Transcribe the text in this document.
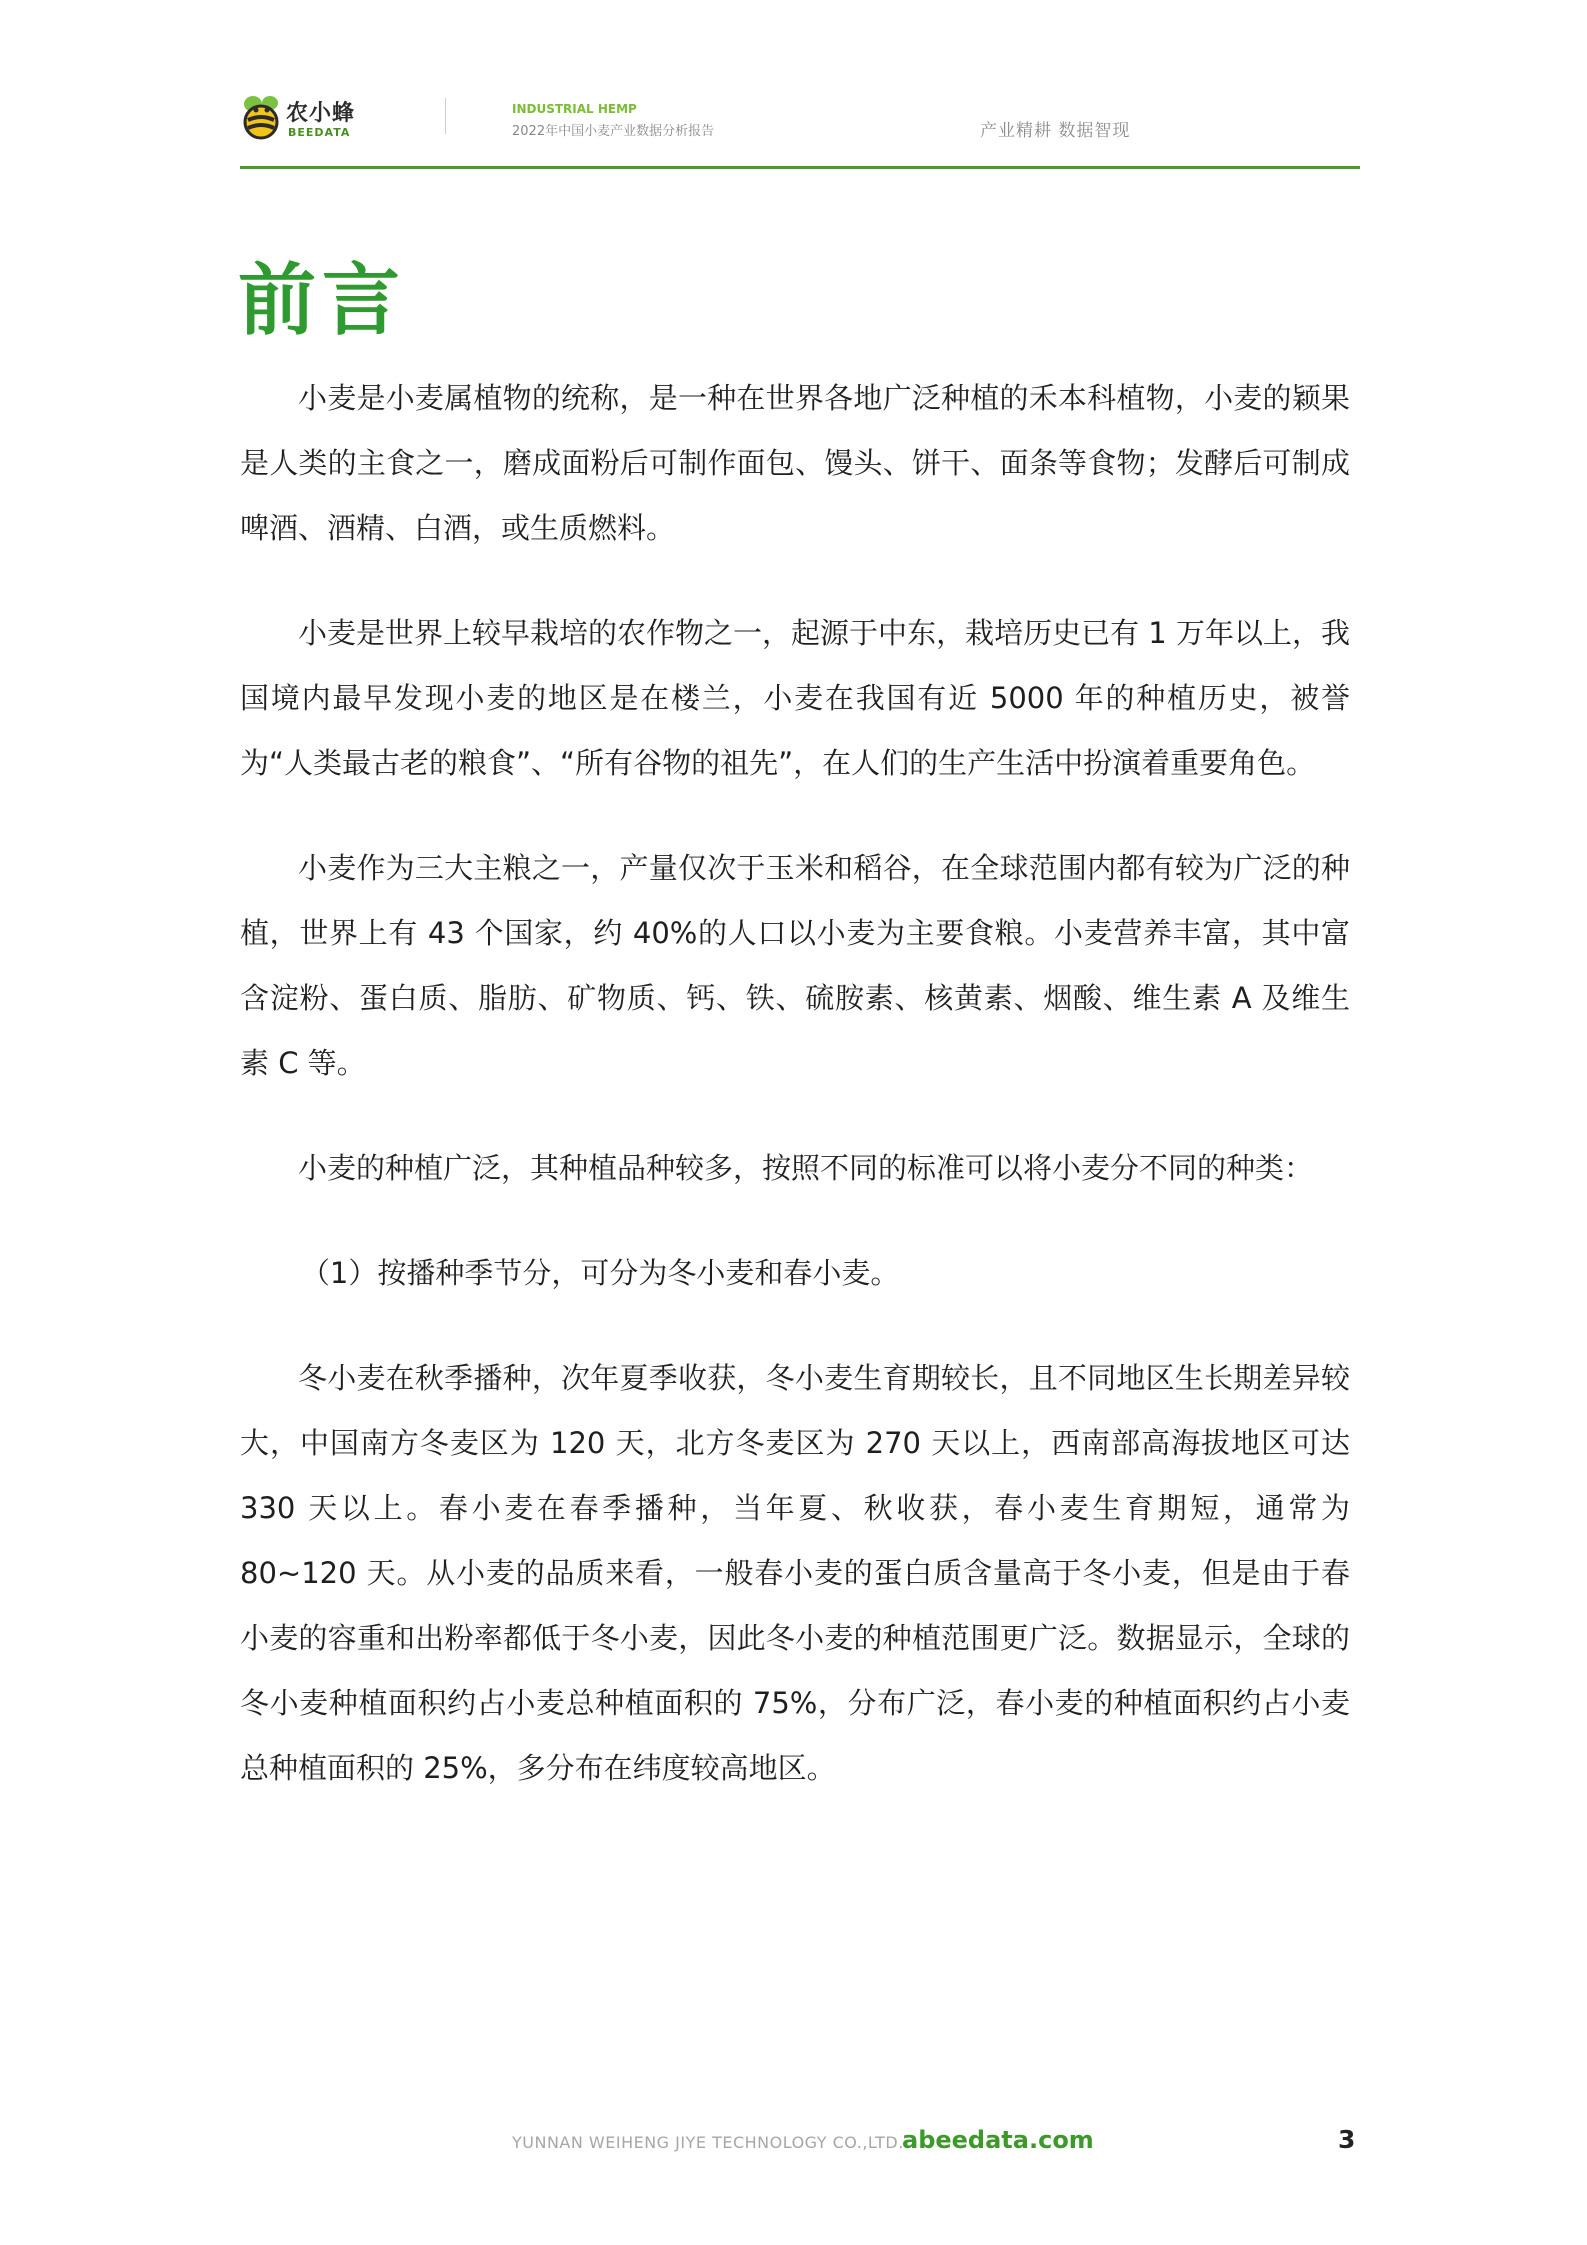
农小蜂
BEEDATA
INDUSTRIAL HEMP
2022年中国小麦产业数据分析报告	产业精耕 数据智现
前言

小麦是小麦属植物的统称，是一种在世界各地广泛种植的禾本科植物，小麦的颖果是人类的主食之一，磨成面粉后可制作面包、馒头、饼干、面条等食物；发酵后可制成啤酒、酒精、白酒，或生质燃料。

小麦是世界上较早栽培的农作物之一，起源于中东，栽培历史已有 1 万年以上，我国境内最早发现小麦的地区是在楼兰，小麦在我国有近 5000 年的种植历史，被誉为“人类最古老的粮食”、“所有谷物的祖先”，在人们的生产生活中扮演着重要角色。

小麦作为三大主粮之一，产量仅次于玉米和稻谷，在全球范围内都有较为广泛的种植，世界上有 43 个国家，约 40%的人口以小麦为主要食粮。小麦营养丰富，其中富含淀粉、蛋白质、脂肪、矿物质、钙、铁、硫胺素、核黄素、烟酸、维生素 A 及维生素 C 等。

小麦的种植广泛，其种植品种较多，按照不同的标准可以将小麦分不同的种类：

（1）按播种季节分，可分为冬小麦和春小麦。

冬小麦在秋季播种，次年夏季收获，冬小麦生育期较长，且不同地区生长期差异较大，中国南方冬麦区为 120 天，北方冬麦区为 270 天以上，西南部高海拔地区可达 330 天以上。春小麦在春季播种，当年夏、秋收获，春小麦生育期短，通常为 80~120 天。从小麦的品质来看，一般春小麦的蛋白质含量高于冬小麦，但是由于春小麦的容重和出粉率都低于冬小麦，因此冬小麦的种植范围更广泛。数据显示，全球的冬小麦种植面积约占小麦总种植面积的 75%，分布广泛，春小麦的种植面积约占小麦总种植面积的 25%，多分布在纬度较高地区。

YUNNAN WEIHENG JIYE TECHNOLOGY CO.,LTD.
abeedata.com	3
